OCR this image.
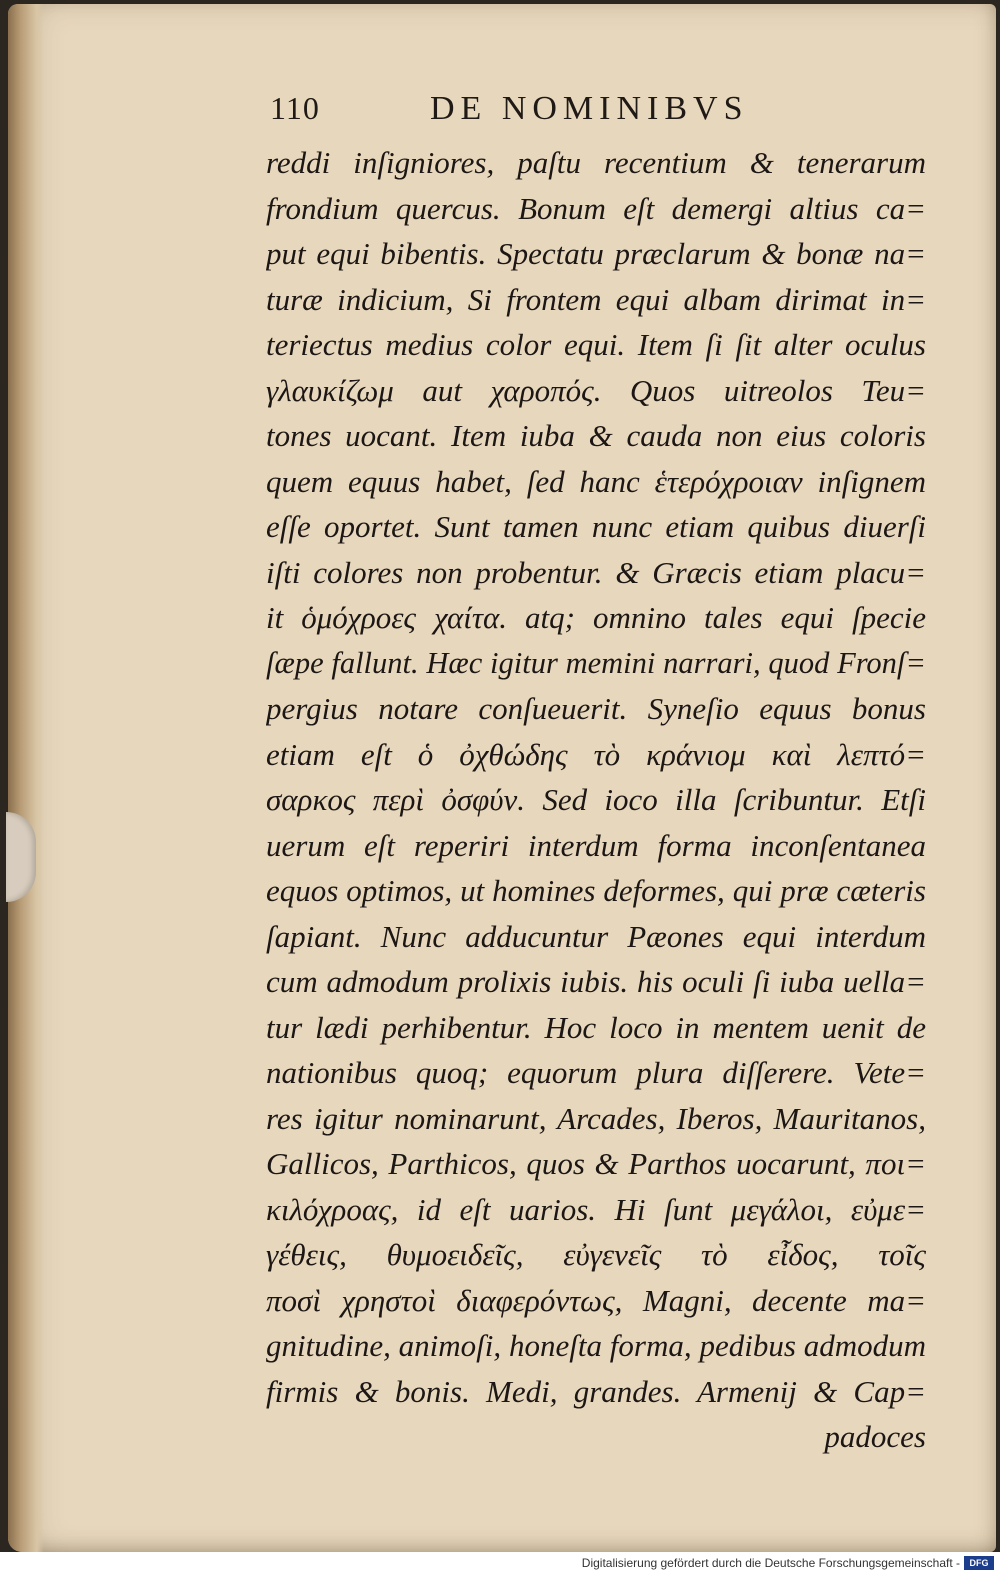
110	DE NOMINIBVS
reddi inſigniores, paſtu recentium & tenerarum
frondium quercus. Bonum eſt demergi altius ca=
put equi bibentis. Spectatu præclarum & bonæ na=
turæ indicium, Si frontem equi albam dirimat in=
teriectus medius color equi. Item ſi ſit alter oculus
γλαυκίζωμ aut χαροπός. Quos uitreolos Teu=
tones uocant. Item iuba & cauda non eius coloris
quem equus habet, ſed hanc ἑτερόχροιαν inſignem
eſſe oportet. Sunt tamen nunc etiam quibus diuerſi
iſti colores non probentur. & Græcis etiam placu=
it ὁμόχροες χαίτα. atq; omnino tales equi ſpecie
ſæpe fallunt. Hæc igitur memini narrari, quod Fronſ=
pergius notare conſueuerit. Syneſio equus bonus
etiam eſt ὁ ὀχθώδης τὸ κράνιομ καὶ λεπτό=
σαρκος περὶ ὀσφύν. Sed ioco illa ſcribuntur. Etſi
uerum eſt reperiri interdum forma inconſentanea
equos optimos, ut homines deformes, qui præ cæteris
ſapiant. Nunc adducuntur Pæones equi interdum
cum admodum prolixis iubis. his oculi ſi iuba uella=
tur lædi perhibentur. Hoc loco in mentem uenit de
nationibus quoq; equorum plura diſſerere. Vete=
res igitur nominarunt, Arcades, Iberos, Mauritanos,
Gallicos, Parthicos, quos & Parthos uocarunt, ποι=
κιλόχροας, id eſt uarios. Hi ſunt μεγάλοι, εὐμε=
γέθεις, θυμοειδεῖς, εὐγενεῖς τὸ εἶδος, τοῖς
ποσὶ χρηστοὶ διαφερόντως, Magni, decente ma=
gnitudine, animoſi, honeſta forma, pedibus admodum
firmis & bonis. Medi, grandes. Armenij & Cap=
padoces
Digitalisierung gefördert durch die Deutsche Forschungsgemeinschaft -	DFG
